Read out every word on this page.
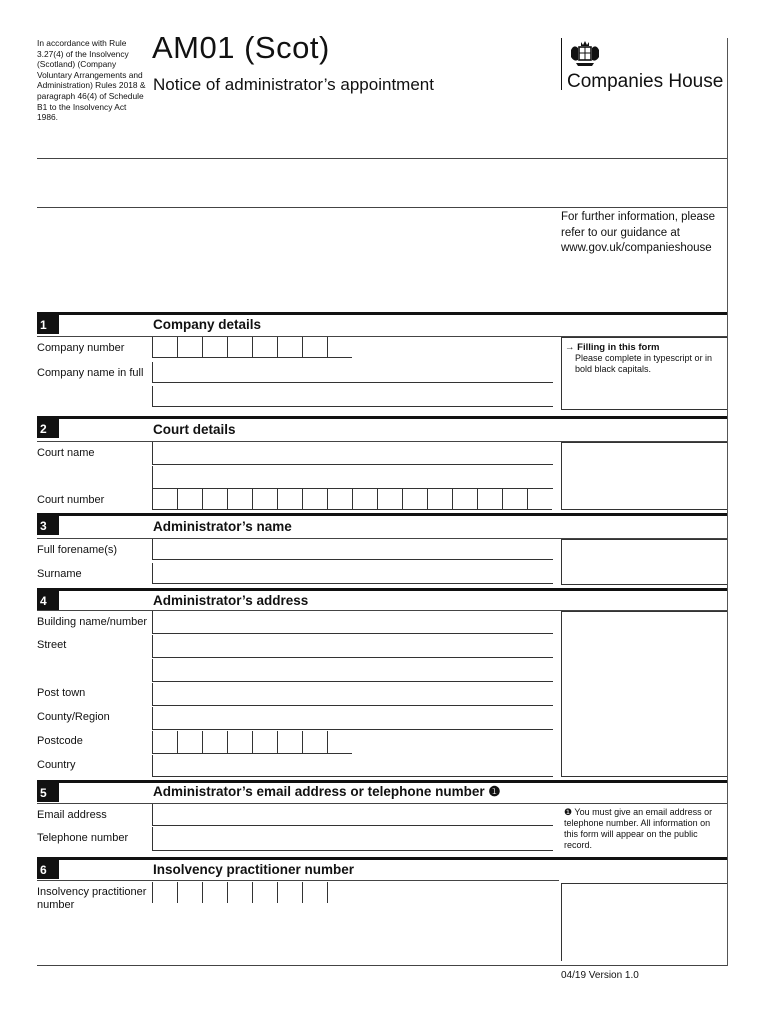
In accordance with Rule 3.27(4) of the Insolvency (Scotland) (Company Voluntary Arrangements and Administration) Rules 2018 & paragraph 46(4) of Schedule B1 to the Insolvency Act 1986.
AM01 (Scot)
Notice of administrator’s appointment	Companies House
For further information, please refer to our guidance at www.gov.uk/companieshouse
1	Company details
Company number
Company name in full
→ Filling in this form
Please complete in typescript or in bold black capitals.
2	Court details
Court name
Court number
3	Administrator’s name
Full forename(s)
Surname
4	Administrator’s address
Building name/number
Street
Post town
County/Region
Postcode
Country
5	Administrator’s email address or telephone number ❶
Email address
Telephone number
❶ You must give an email address or telephone number. All information on this form will appear on the public record.
6	Insolvency practitioner number
Insolvency practitioner number
04/19 Version 1.0
